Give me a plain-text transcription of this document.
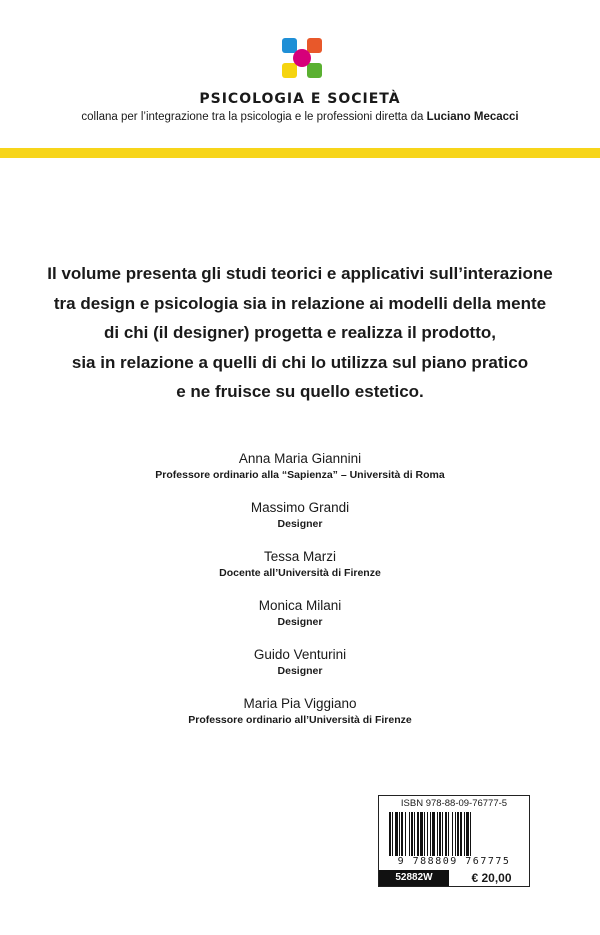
PSICOLOGIA E SOCIETÀ
collana per l’integrazione tra la psicologia e le professioni diretta da Luciano Mecacci
Il volume presenta gli studi teorici e applicativi sull’interazione
tra design e psicologia sia in relazione ai modelli della mente
di chi (il designer) progetta e realizza il prodotto,
sia in relazione a quelli di chi lo utilizza sul piano pratico
e ne fruisce su quello estetico.
Anna Maria Giannini
Professore ordinario alla “Sapienza” – Università di Roma
Massimo Grandi
Designer
Tessa Marzi
Docente all’Università di Firenze
Monica Milani
Designer
Guido Venturini
Designer
Maria Pia Viggiano
Professore ordinario all’Università di Firenze
ISBN 978-88-09-76777-5
9 788809 767775
52882W	€ 20,00
